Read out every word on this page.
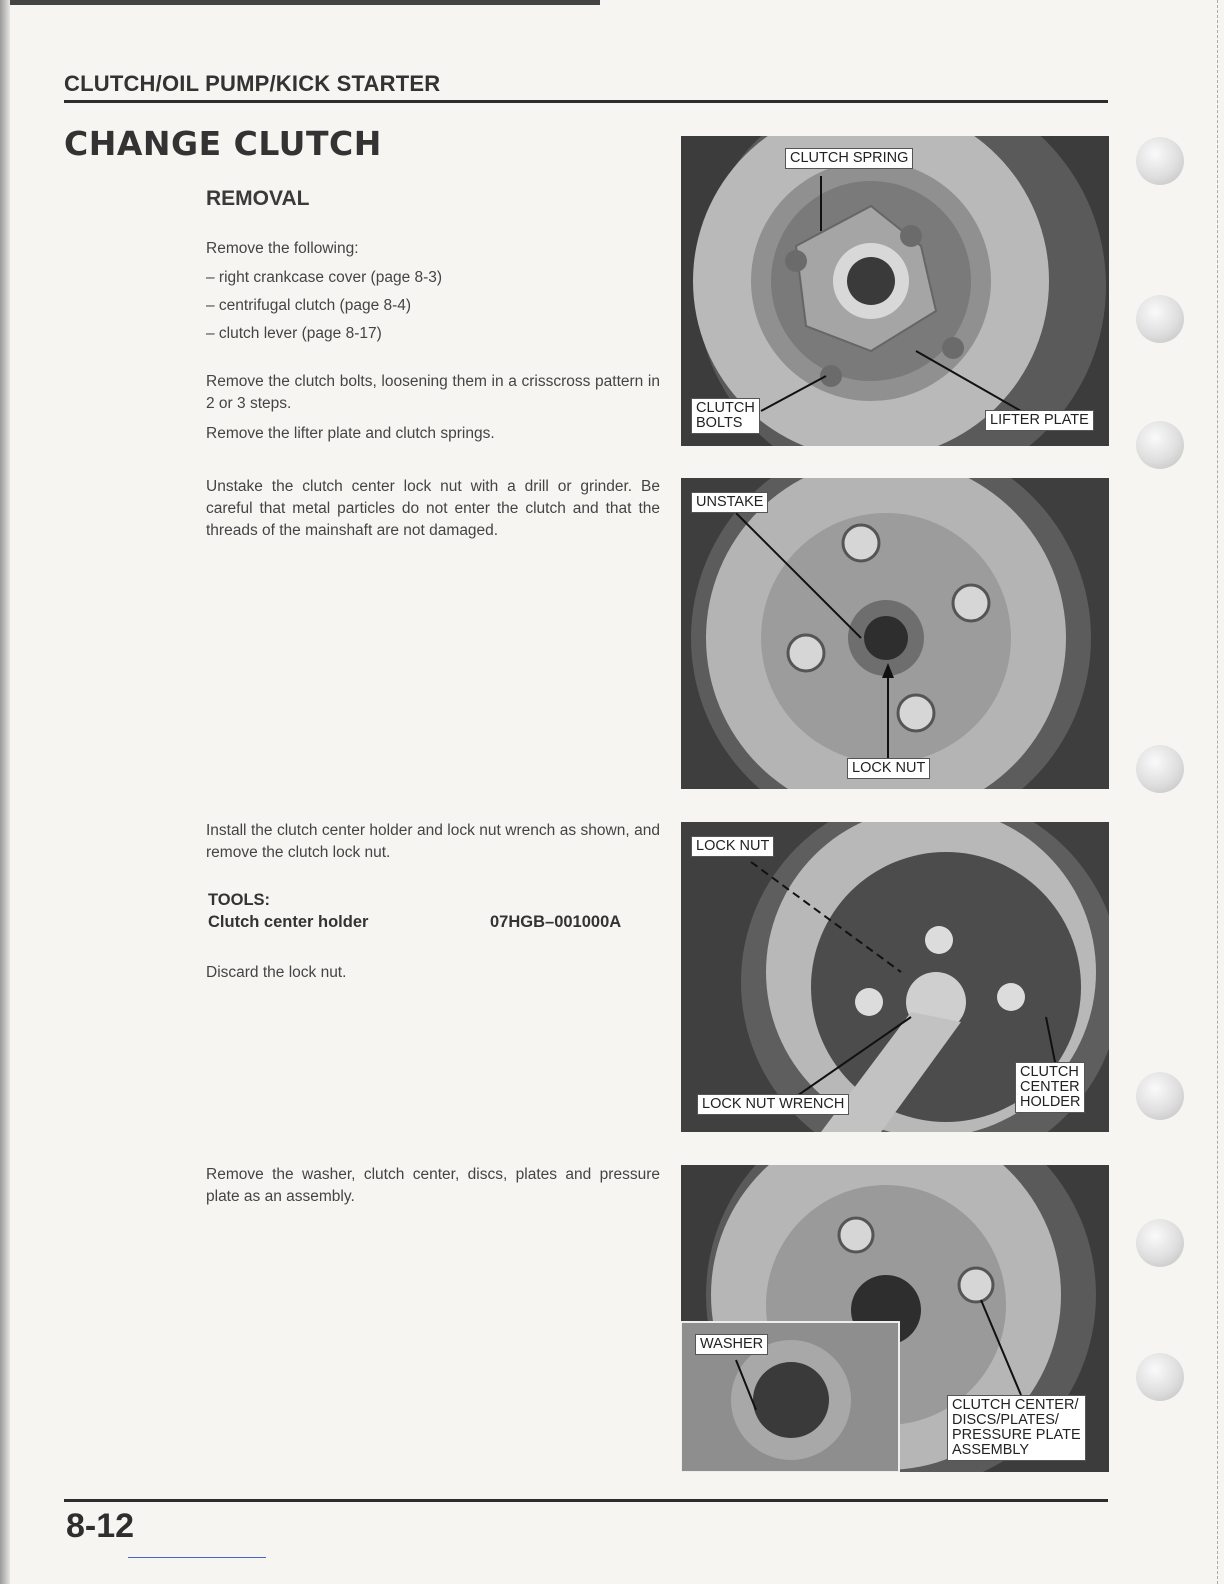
CLUTCH/OIL PUMP/KICK STARTER
CHANGE CLUTCH
REMOVAL

Remove the following:

– right crankcase cover (page 8-3)

– centrifugal clutch (page 8-4)

– clutch lever (page 8-17)

Remove the clutch bolts, loosening them in a crisscross pattern in 2 or 3 steps.

Remove the lifter plate and clutch springs.

Unstake the clutch center lock nut with a drill or grinder. Be careful that metal particles do not enter the clutch and that the threads of the mainshaft are not damaged.

Install the clutch center holder and lock nut wrench as shown, and remove the clutch lock nut.

TOOLS:
Clutch center holder	07HGB–001000A

Discard the lock nut.

Remove the washer, clutch center, discs, plates and pressure plate as an assembly.

CLUTCH SPRING
CLUTCH
BOLTS	LIFTER PLATE
UNSTAKE
LOCK NUT
LOCK NUT
LOCK NUT WRENCH
CLUTCH
CENTER
HOLDER
WASHER
CLUTCH CENTER/
DISCS/PLATES/
PRESSURE PLATE
ASSEMBLY
8-12
